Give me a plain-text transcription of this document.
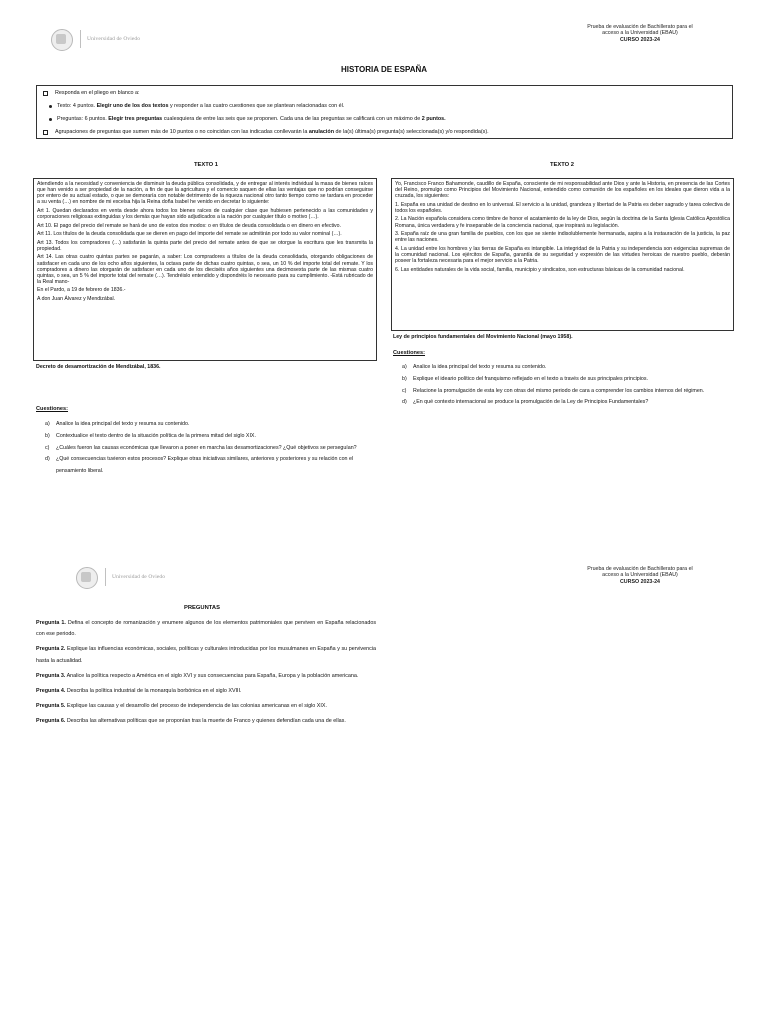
Universidad de Oviedo
Prueba de evaluación de Bachillerato para el
acceso a la Universidad (EBAU)
CURSO 2023-24
HISTORIA DE ESPAÑA
Responda en el pliego en blanco a:
Texto: 4 puntos. Elegir uno de los dos textos y responder a las cuatro cuestiones que se plantean relacionadas con él.
Preguntas: 6 puntos. Elegir tres preguntas cualesquiera de entre las seis que se proponen. Cada una de las preguntas se calificará con un máximo de 2 puntos.
Agrupaciones de preguntas que sumen más de 10 puntos o no coincidan con las indicadas conllevarán la anulación de la(s) última(s) pregunta(s) seleccionada(s) y/o respondida(s).
TEXTO 1

Atendiendo a la necesidad y conveniencia de disminuir la deuda pública consolidada, y de entregar al interés individual la masa de bienes raíces que han venido a ser propiedad de la nación, a fin de que la agricultura y el comercio saquen de ellas las ventajas que no podrían conseguirse por entero de su actual estado, o que se demoraría con notable detrimento de la riqueza nacional otro tanto tiempo como se tardara en proceder a su venta (…) en nombre de mi excelsa hija la Reina doña Isabel he venido en decretar lo siguiente:

Art 1. Quedan declarados en venta desde ahora todos los bienes raíces de cualquier clase que hubiesen pertenecido a las comunidades y corporaciones religiosas extinguidas y los demás que hayan sido adjudicados a la nación por cualquier título o motivo (…).

Art 10. El pago del precio del remate se hará de uno de estos dos modos: o en títulos de deuda consolidada o en dinero en efectivo.

Art 11. Los títulos de la deuda consolidada que se dieren en pago del importe del remate se admitirán por todo su valor nominal (…).

Art 13. Todos los compradores (…) satisfarán la quinta parte del precio del remate antes de que se otorgue la escritura que les transmita la propiedad.

Art 14. Las otras cuatro quintas partes se pagarán, a saber: Los compradores a títulos de la deuda consolidada, otorgando obligaciones de satisfacer en cada uno de los ocho años siguientes, la octava parte de dichas cuatro quintas, o sea, un 10 % del importe total del remate. Y los compradores a dinero las otorgarán de satisfacer en cada uno de los dieciséis años siguientes una decimosexta parte de las mismas cuatro quintas, o sea, un 5 % del importe total del remate (…). Tendréislo entendido y dispondréis lo necesario para su cumplimiento. -Está rubricado de la Real mano-

En el Pardo, a 19 de febrero de 1836.-

A don Juan Álvarez y Mendizábal.

Decreto de desamortización de Mendizábal, 1836.
Cuestiones:
a) Analice la idea principal del texto y resuma su contenido.
b) Contextualice el texto dentro de la situación política de la primera mitad del siglo XIX.
c) ¿Cuáles fueron las causas económicas que llevaron a poner en marcha las desamortizaciones? ¿Qué objetivos se perseguían?
d) ¿Qué consecuencias tuvieron estos procesos? Explique otras iniciativas similares, anteriores y posteriores y su relación con el pensamiento liberal.
TEXTO 2

Yo, Francisco Franco Bahamonde, caudillo de España, consciente de mi responsabilidad ante Dios y ante la Historia, en presencia de las Cortes del Reino, promulgo como Principios del Movimiento Nacional, entendido como comunión de los españoles en los ideales que dieron vida a la cruzada, los siguientes:

1. España es una unidad de destino en lo universal. El servicio a la unidad, grandeza y libertad de la Patria es deber sagrado y tarea colectiva de todos los españoles.

2. La Nación española considera como timbre de honor el acatamiento de la ley de Dios, según la doctrina de la Santa Iglesia Católica Apostólica Romana, única verdadera y fe inseparable de la conciencia nacional, que inspirará su legislación.

3. España raíz de una gran familia de pueblos, con los que se siente indisolublemente hermanada, aspira a la instauración de la justicia, la paz entre las naciones.

4. La unidad entre los hombres y las tierras de España es intangible. La integridad de la Patria y su independencia son exigencias supremas de la comunidad nacional. Los ejércitos de España, garantía de su seguridad y expresión de las virtudes heroicas de nuestro pueblo, deberán poseer la fortaleza necesaria para el mejor servicio a la Patria.

6. Las entidades naturales de la vida social, familia, municipio y sindicatos, son estructuras básicas de la comunidad nacional.

Ley de principios fundamentales del Movimiento Nacional (mayo 1958).
Cuestiones:
a) Analice la idea principal del texto y resuma su contenido.
b) Explique el ideario político del franquismo reflejado en el texto a través de sus principales principios.
c) Relacione la promulgación de esta ley con otras del mismo periodo de cara a comprender los cambios internos del régimen.
d) ¿En qué contexto internacional se produce la promulgación de la Ley de Principios Fundamentales?
Universidad de Oviedo
Prueba de evaluación de Bachillerato para el
acceso a la Universidad (EBAU)
CURSO 2023-24
PREGUNTAS
Pregunta 1. Defina el concepto de romanización y enumere algunos de los elementos patrimoniales que perviven en España relacionados con ese periodo.
Pregunta 2. Explique las influencias económicas, sociales, políticas y culturales introducidas por los musulmanes en España y su pervivencia hasta la actualidad.
Pregunta 3. Analice la política respecto a América en el siglo XVI y sus consecuencias para España, Europa y la población americana.
Pregunta 4. Describa la política industrial de la monarquía borbónica en el siglo XVIII.
Pregunta 5. Explique las causas y el desarrollo del proceso de independencia de las colonias americanas en el siglo XIX.
Pregunta 6. Describa las alternativas políticas que se proponían tras la muerte de Franco y quienes defendían cada una de ellas.
